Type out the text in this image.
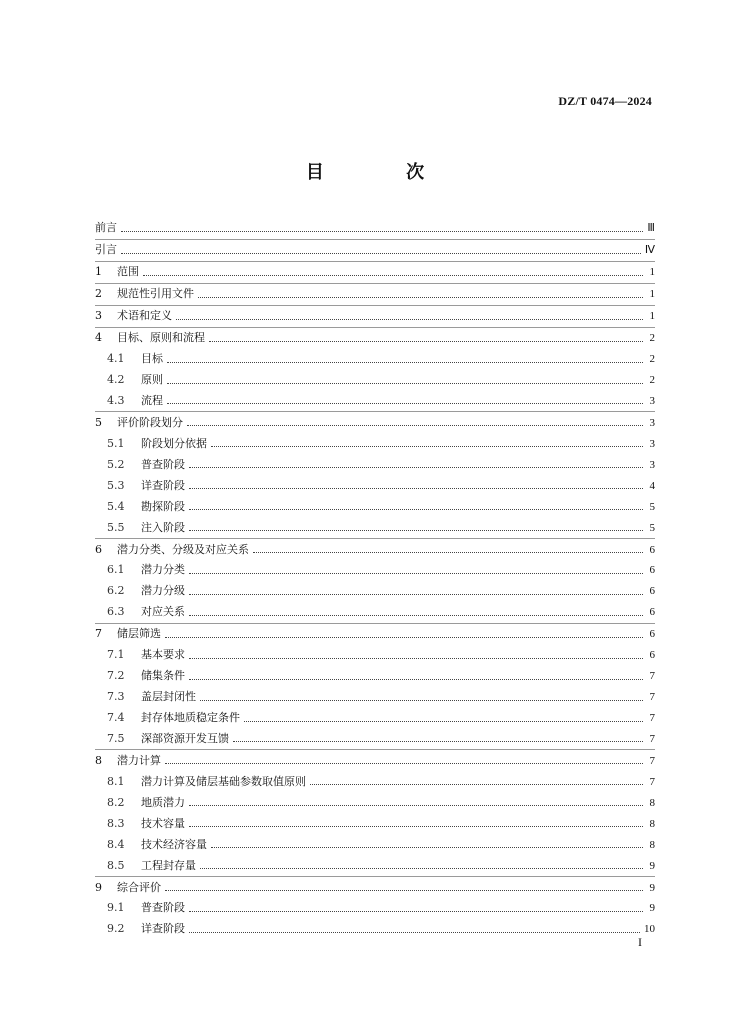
DZ/T 0474—2024
目 次
前言	Ⅲ
引言	Ⅳ
1	范围	1
2	规范性引用文件	1
3	术语和定义	1
4	目标、原则和流程	2
4.1	目标	2
4.2	原则	2
4.3	流程	3
5	评价阶段划分	3
5.1	阶段划分依据	3
5.2	普查阶段	3
5.3	详查阶段	4
5.4	勘探阶段	5
5.5	注入阶段	5
6	潜力分类、分级及对应关系	6
6.1	潜力分类	6
6.2	潜力分级	6
6.3	对应关系	6
7	储层筛选	6
7.1	基本要求	6
7.2	储集条件	7
7.3	盖层封闭性	7
7.4	封存体地质稳定条件	7
7.5	深部资源开发互馈	7
8	潜力计算	7
8.1	潜力计算及储层基础参数取值原则	7
8.2	地质潜力	8
8.3	技术容量	8
8.4	技术经济容量	8
8.5	工程封存量	9
9	综合评价	9
9.1	普查阶段	9
9.2	详查阶段	10
I
